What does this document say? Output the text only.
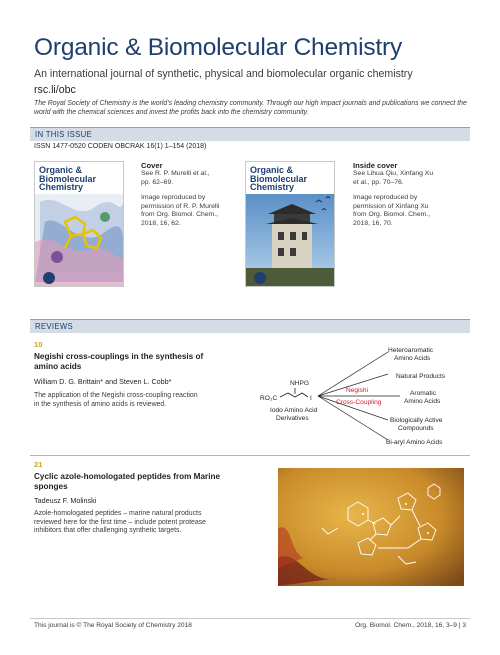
Organic & Biomolecular Chemistry
An international journal of synthetic, physical and biomolecular organic chemistry
rsc.li/obc
The Royal Society of Chemistry is the world's leading chemistry community. Through our high impact journals and publications we connect the world with the chemical sciences and invest the profits back into the chemistry community.
IN THIS ISSUE
ISSN 1477-0520 CODEN OBCRAK 16(1) 1–154 (2018)
Organic & Biomolecular Chemistry
Cover
See R. P. Murelli et al.,
pp. 62–69.
Image reproduced by
permission of R. P. Murelli
from Org. Biomol. Chem.,
2018, 16, 62.
Organic & Biomolecular Chemistry
Inside cover
See Lihua Qiu, Xinfang Xu
et al., pp. 70–76.
Image reproduced by
permission of Xinfang Xu
from Org. Biomol. Chem.,
2018, 16, 70.
REVIEWS
10
Negishi cross-couplings in the synthesis of
amino acids
William D. G. Brittain* and Steven L. Cobb*
The application of the Negishi cross-coupling reaction
in the synthesis of amino acids is reviewed.
NHPG
RO₂C	I
Iodo Amino Acid
Derivatives
Negishi
Cross-Coupling
Heteroaromatic
Amino Acids
Natural Products
Aromatic
Amino Acids
Biologically Active
Compounds
Bi-aryl Amino Acids
21
Cyclic azole-homologated peptides from Marine
sponges
Tadeusz F. Molinski
Azole-homologated peptides – marine natural products
reviewed here for the first time – include potent protease
inhibitors that offer challenging synthetic targets.
This journal is © The Royal Society of Chemistry 2018	Org. Biomol. Chem., 2018, 16, 3–9 | 3
